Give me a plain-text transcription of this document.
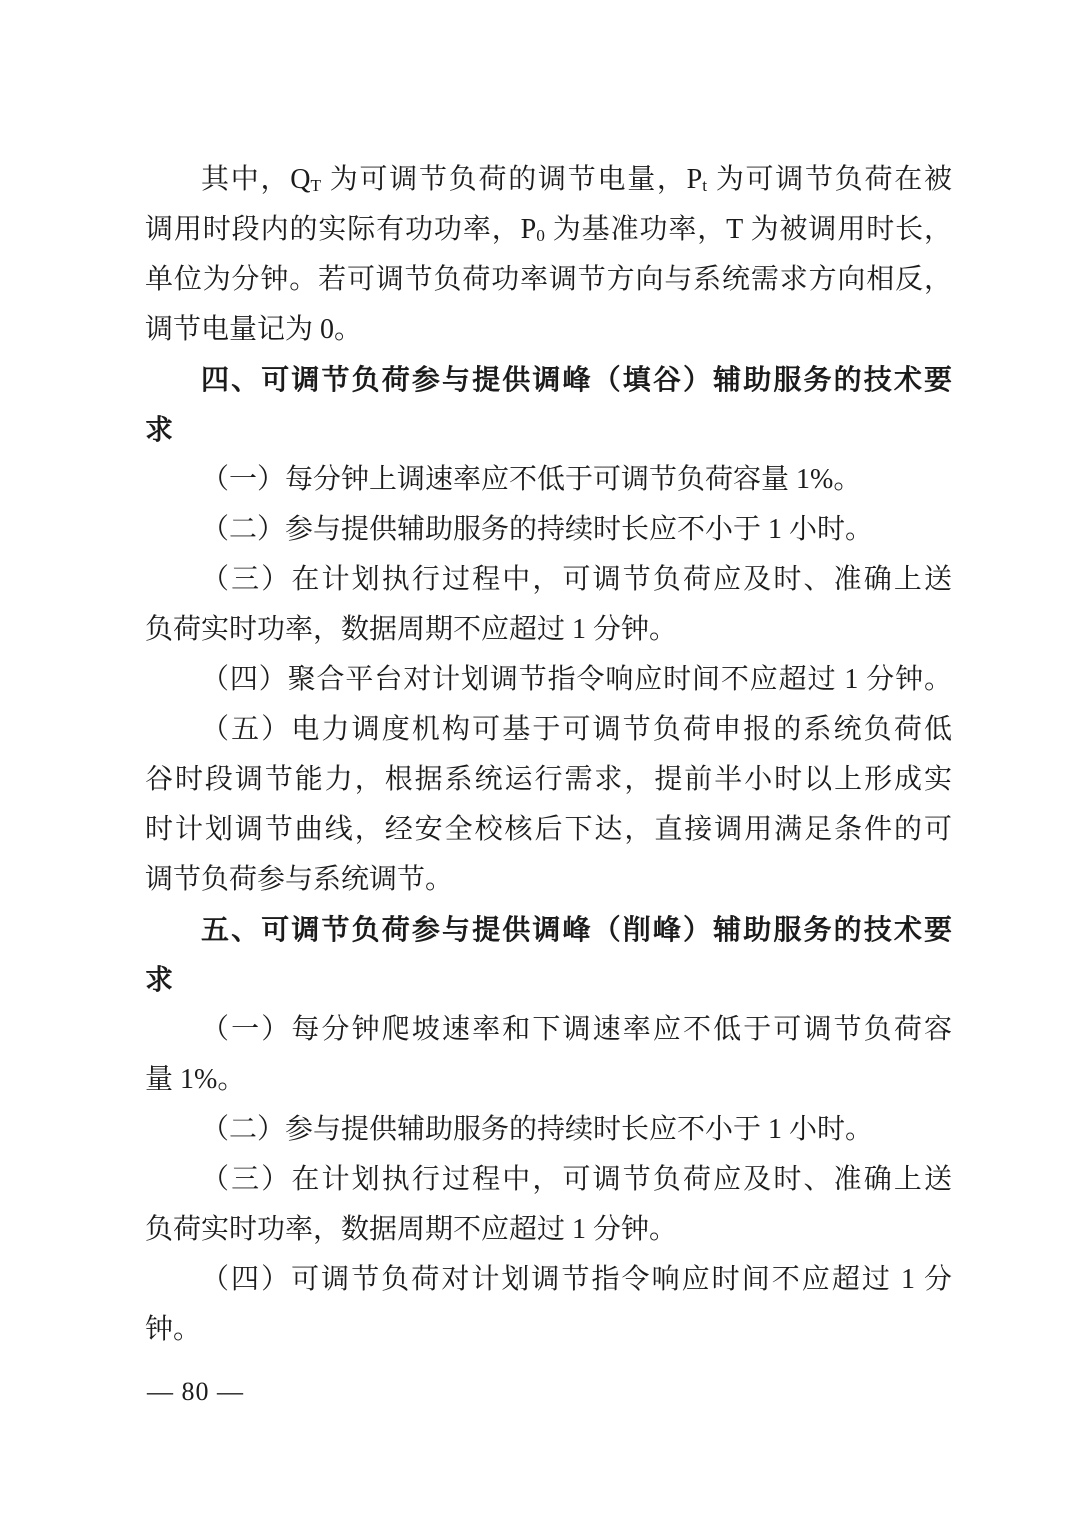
其中，$Q_T$ 为可调节负荷的调节电量，$P_t$ 为可调节负荷在被
调用时段内的实际有功功率，$P_0$ 为基准功率，T 为被调用时长，
单位为分钟。若可调节负荷功率调节方向与系统需求方向相反，
调节电量记为 0。
四、可调节负荷参与提供调峰（填谷）辅助服务的技术要
求
（一）每分钟上调速率应不低于可调节负荷容量 1%。
（二）参与提供辅助服务的持续时长应不小于 1 小时。
（三）在计划执行过程中，可调节负荷应及时、准确上送
负荷实时功率，数据周期不应超过 1 分钟。
（四）聚合平台对计划调节指令响应时间不应超过 1 分钟。
（五）电力调度机构可基于可调节负荷申报的系统负荷低
谷时段调节能力，根据系统运行需求，提前半小时以上形成实
时计划调节曲线，经安全校核后下达，直接调用满足条件的可
调节负荷参与系统调节。
五、可调节负荷参与提供调峰（削峰）辅助服务的技术要
求
（一）每分钟爬坡速率和下调速率应不低于可调节负荷容
量 1%。
（二）参与提供辅助服务的持续时长应不小于 1 小时。
（三）在计划执行过程中，可调节负荷应及时、准确上送
负荷实时功率，数据周期不应超过 1 分钟。
（四）可调节负荷对计划调节指令响应时间不应超过 1 分
钟。
— 80 —
